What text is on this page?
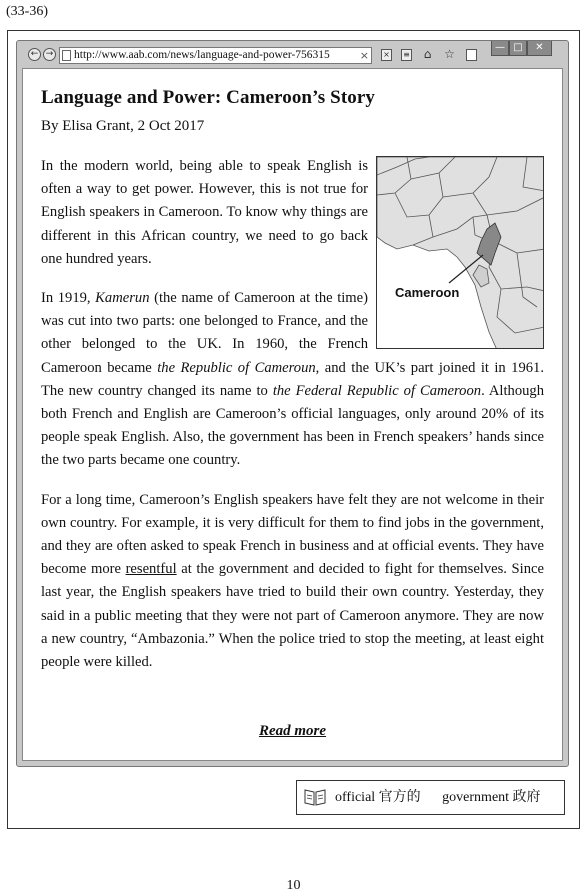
(33-36)
← →	http://www.aab.com/news/language-and-power-756315	× × ≡ ⌂ ☆	— □	✕
Language and Power: Cameroon’s Story
By Elisa Grant, 2 Oct 2017

In the modern world, being able to speak English is often a way to get power. However, this is not true for English speakers in Cameroon. To know why things are different in this African country, we need to go back one hundred years.

In 1919, Kamerun (the name of Cameroon at the time) was cut into two parts: one belonged to France, and the other belonged to the UK. In 1960, the French Cameroon became the Republic of Cameroun, and the UK’s part joined it in 1961. The new country changed its name to the Federal Republic of Cameroon. Although both French and English are Cameroon’s official languages, only around 20% of its people speak English. Also, the government has been in French speakers’ hands since the two parts became one country.

For a long time, Cameroon’s English speakers have felt they are not welcome in their own country. For example, it is very difficult for them to find jobs in the government, and they are often asked to speak French in business and at official events. They have become more resentful at the government and decided to fight for themselves. Since last year, the English speakers have tried to build their own country. Yesterday, they said in a public meeting that they were not part of Cameroon anymore. They are now a new country, “Ambazonia.” When the police tried to stop the meeting, at least eight people were killed.

Cameroon
Read more
official 官方的 government 政府
10
